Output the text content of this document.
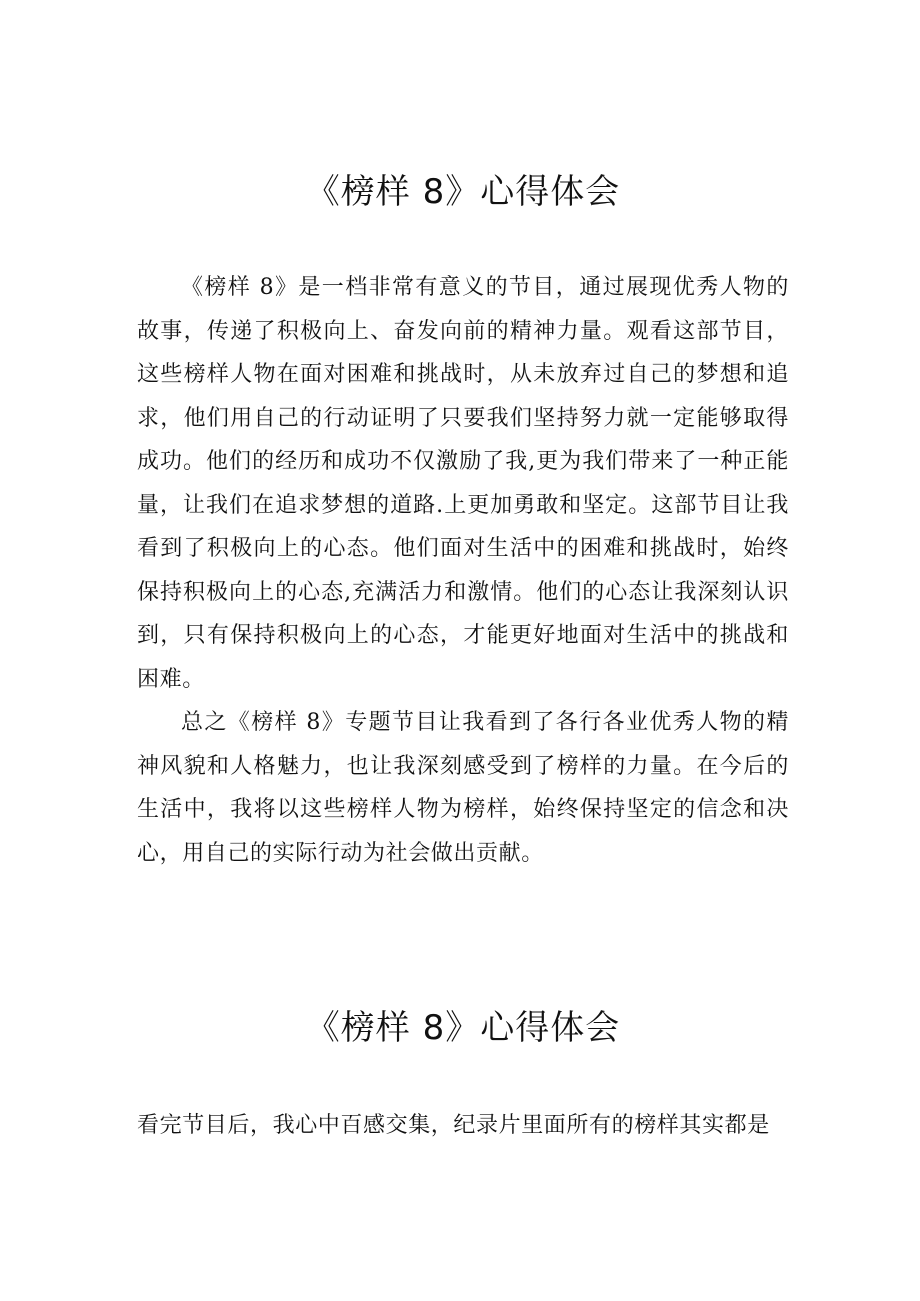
《榜样 8》心得体会

《榜样 8》是一档非常有意义的节目，通过展现优秀人物的故事，传递了积极向上、奋发向前的精神力量。观看这部节目，这些榜样人物在面对困难和挑战时，从未放弃过自己的梦想和追求，他们用自己的行动证明了只要我们坚持努力就一定能够取得成功。他们的经历和成功不仅激励了我,更为我们带来了一种正能量，让我们在追求梦想的道路.上更加勇敢和坚定。这部节目让我看到了积极向上的心态。他们面对生活中的困难和挑战时，始终保持积极向上的心态,充满活力和激情。他们的心态让我深刻认识到，只有保持积极向上的心态，才能更好地面对生活中的挑战和困难。

总之《榜样 8》专题节目让我看到了各行各业优秀人物的精神风貌和人格魅力，也让我深刻感受到了榜样的力量。在今后的生活中，我将以这些榜样人物为榜样，始终保持坚定的信念和决心，用自己的实际行动为社会做出贡献。

《榜样 8》心得体会

看完节目后，我心中百感交集，纪录片里面所有的榜样其实都是
